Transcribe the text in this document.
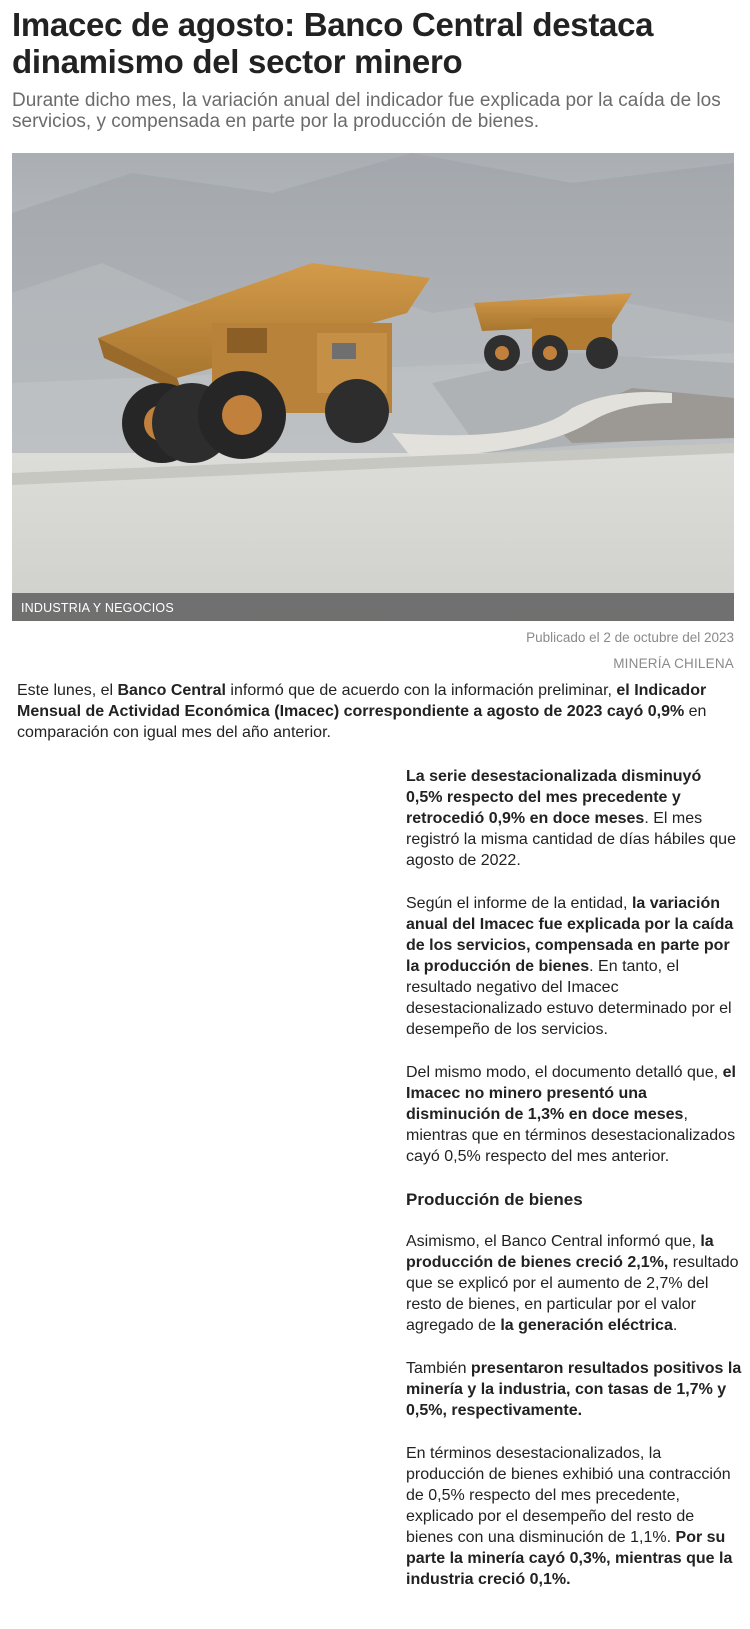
Imacec de agosto: Banco Central destaca dinamismo del sector minero

Durante dicho mes, la variación anual del indicador fue explicada por la caída de los servicios, y compensada en parte por la producción de bienes.

INDUSTRIA Y NEGOCIOS
Publicado el 2 de octubre del 2023
MINERÍA CHILENA

Este lunes, el Banco Central informó que de acuerdo con la información preliminar, el Indicador Mensual de Actividad Económica (Imacec) correspondiente a agosto de 2023 cayó 0,9% en comparación con igual mes del año anterior.

La serie desestacionalizada disminuyó 0,5% respecto del mes precedente y retrocedió 0,9% en doce meses. El mes registró la misma cantidad de días hábiles que agosto de 2022.

Según el informe de la entidad, la variación anual del Imacec fue explicada por la caída de los servicios, compensada en parte por la producción de bienes. En tanto, el resultado negativo del Imacec desestacionalizado estuvo determinado por el desempeño de los servicios.

Del mismo modo, el documento detalló que, el Imacec no minero presentó una disminución de 1,3% en doce meses, mientras que en términos desestacionalizados cayó 0,5% respecto del mes anterior.

Producción de bienes

Asimismo, el Banco Central informó que, la producción de bienes creció 2,1%, resultado que se explicó por el aumento de 2,7% del resto de bienes, en particular por el valor agregado de la generación eléctrica.

También presentaron resultados positivos la minería y la industria, con tasas de 1,7% y 0,5%, respectivamente.

En términos desestacionalizados, la producción de bienes exhibió una contracción de 0,5% respecto del mes precedente, explicado por el desempeño del resto de bienes con una disminución de 1,1%. Por su parte la minería cayó 0,3%, mientras que la industria creció 0,1%.
